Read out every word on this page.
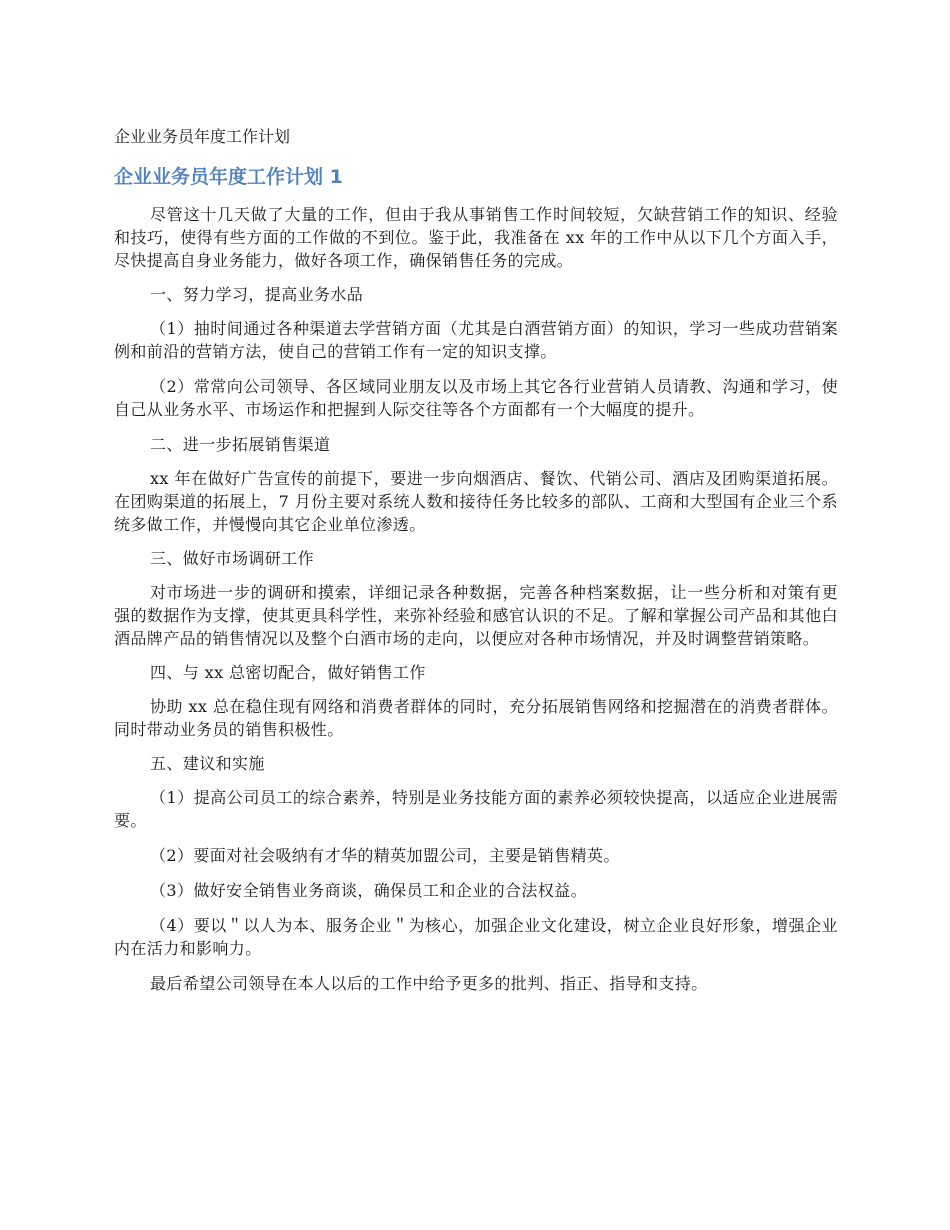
企业业务员年度工作计划
企业业务员年度工作计划 1

尽管这十几天做了大量的工作，但由于我从事销售工作时间较短，欠缺营销工作的知识、经验和技巧，使得有些方面的工作做的不到位。鉴于此，我准备在 xx 年的工作中从以下几个方面入手，尽快提高自身业务能力，做好各项工作，确保销售任务的完成。

一、努力学习，提高业务水品

（1）抽时间通过各种渠道去学营销方面（尤其是白酒营销方面）的知识，学习一些成功营销案例和前沿的营销方法，使自己的营销工作有一定的知识支撑。

（2）常常向公司领导、各区域同业朋友以及市场上其它各行业营销人员请教、沟通和学习，使自己从业务水平、市场运作和把握到人际交往等各个方面都有一个大幅度的提升。

二、进一步拓展销售渠道

xx 年在做好广告宣传的前提下，要进一步向烟酒店、餐饮、代销公司、酒店及团购渠道拓展。在团购渠道的拓展上，7 月份主要对系统人数和接待任务比较多的部队、工商和大型国有企业三个系统多做工作，并慢慢向其它企业单位渗透。

三、做好市场调研工作

对市场进一步的调研和摸索，详细记录各种数据，完善各种档案数据，让一些分析和对策有更强的数据作为支撑，使其更具科学性，来弥补经验和感官认识的不足。了解和掌握公司产品和其他白酒品牌产品的销售情况以及整个白酒市场的走向，以便应对各种市场情况，并及时调整营销策略。

四、与 xx 总密切配合，做好销售工作

协助 xx 总在稳住现有网络和消费者群体的同时，充分拓展销售网络和挖掘潜在的消费者群体。同时带动业务员的销售积极性。

五、建议和实施

（1）提高公司员工的综合素养，特别是业务技能方面的素养必须较快提高，以适应企业进展需要。

（2）要面对社会吸纳有才华的精英加盟公司，主要是销售精英。

（3）做好安全销售业务商谈，确保员工和企业的合法权益。

（4）要以＂以人为本、服务企业＂为核心，加强企业文化建设，树立企业良好形象，增强企业内在活力和影响力。

最后希望公司领导在本人以后的工作中给予更多的批判、指正、指导和支持。
